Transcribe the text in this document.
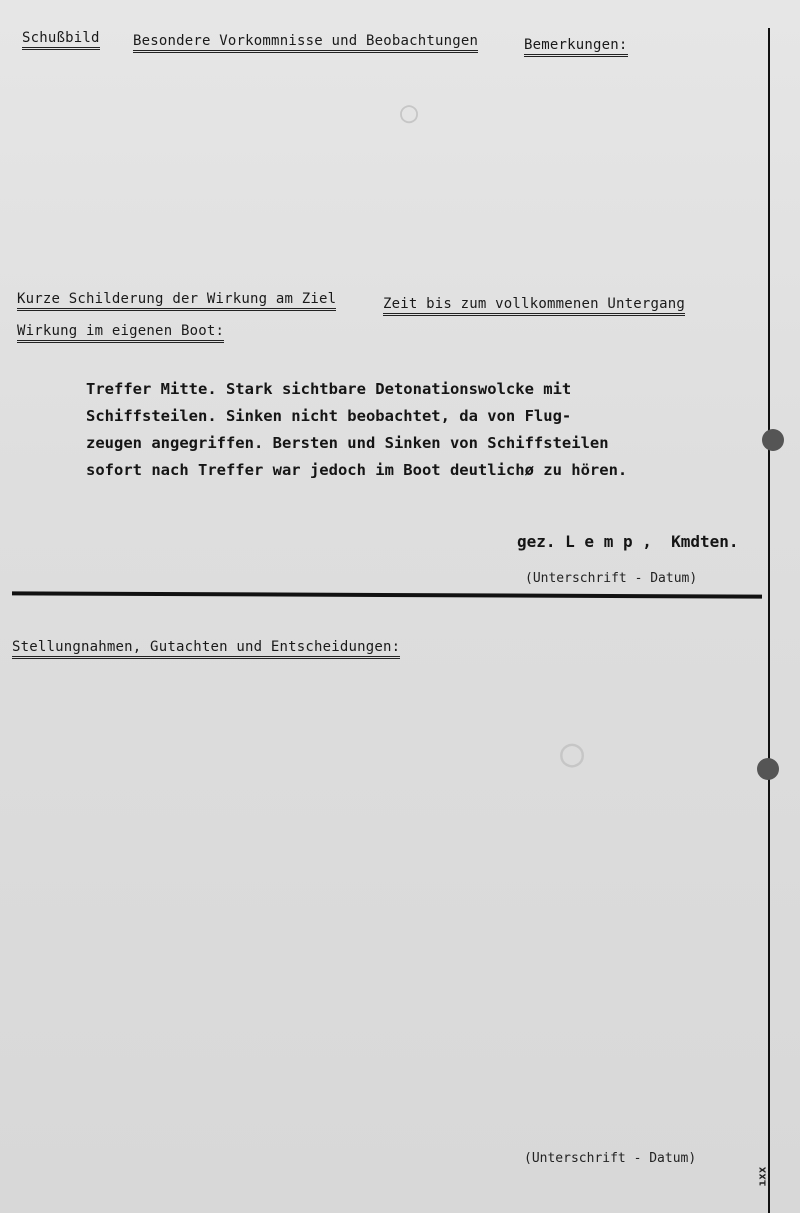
○
○
Schußbild Besondere Vorkommnisse und Beobachtungen	Bemerkungen:
Kurze Schilderung der Wirkung am Ziel	Zeit bis zum vollkommenen Untergang
Wirkung im eigenen Boot:
Treffer Mitte. Stark sichtbare Detonationswolcke mit
Schiffsteilen. Sinken nicht beobachtet, da von Flug-
zeugen angegriffen. Bersten und Sinken von Schiffsteilen
sofort nach Treffer war jedoch im Boot deutlichø zu hören.
gez. L e m p ,  Kmdten.
(Unterschrift - Datum)
Stellungnahmen, Gutachten und Entscheidungen:
(Unterschrift - Datum)
ıxx
